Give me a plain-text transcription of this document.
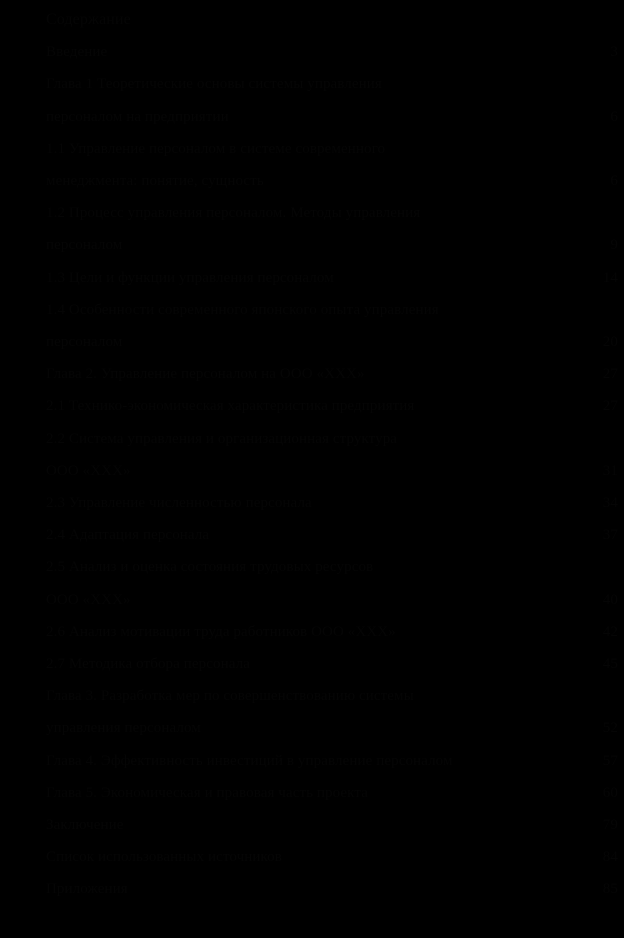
Содержание
Введение	3
Глава 1 Теоретические основы системы управления
персоналом на предприятии	6
1.1 Управление персоналом в системе современного
менеджмента: понятие, сущность	6
1.2 Процесс управления персоналом. Методы управления
персоналом	9
1.3 Цели и функции управления персоналом	14
1.4 Особенности современного японского опыта управления
персоналом	20
Глава 2. Управление персоналом на ООО «ХХХ»	27
2.1 Технико-экономическая характеристика предприятия	27
2.2 Система управления и организационная структура
ООО «ХХХ»	31
2.3 Управление численностью персонала	34
2.4 Адаптация персонала	37
2.5 Анализ и оценка состояния трудовых ресурсов
ООО «ХХХ»	40
2.6 Анализ мотивации труда работников ООО «ХХХ»	42
2.7 Методика отбора персонала	45
Глава 3. Разработка мер по совершенствованию системы
управления персоналом	52
Глава 4. Эффективность инвестиций в управление персоналом	57
Глава 5. Экономическая и правовая часть проекта	60
Заключение	79
Список использованных источников	84
Приложения	85
